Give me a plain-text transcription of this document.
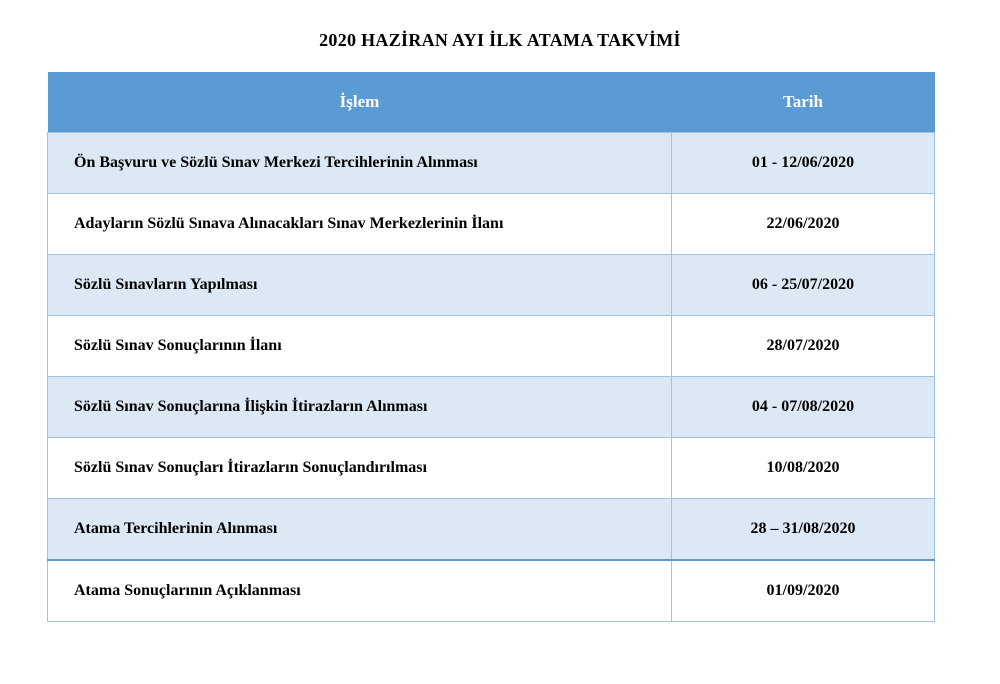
2020 HAZİRAN AYI İLK ATAMA TAKVİMİ
İşlem	Tarih
Ön Başvuru ve Sözlü Sınav Merkezi Tercihlerinin Alınması	01 - 12/06/2020
Adayların Sözlü Sınava Alınacakları Sınav Merkezlerinin İlanı	22/06/2020
Sözlü Sınavların Yapılması	06 - 25/07/2020
Sözlü Sınav Sonuçlarının İlanı	28/07/2020
Sözlü Sınav Sonuçlarına İlişkin İtirazların Alınması	04 - 07/08/2020
Sözlü Sınav Sonuçları İtirazların Sonuçlandırılması	10/08/2020
Atama Tercihlerinin Alınması	28 – 31/08/2020
Atama Sonuçlarının Açıklanması	01/09/2020
